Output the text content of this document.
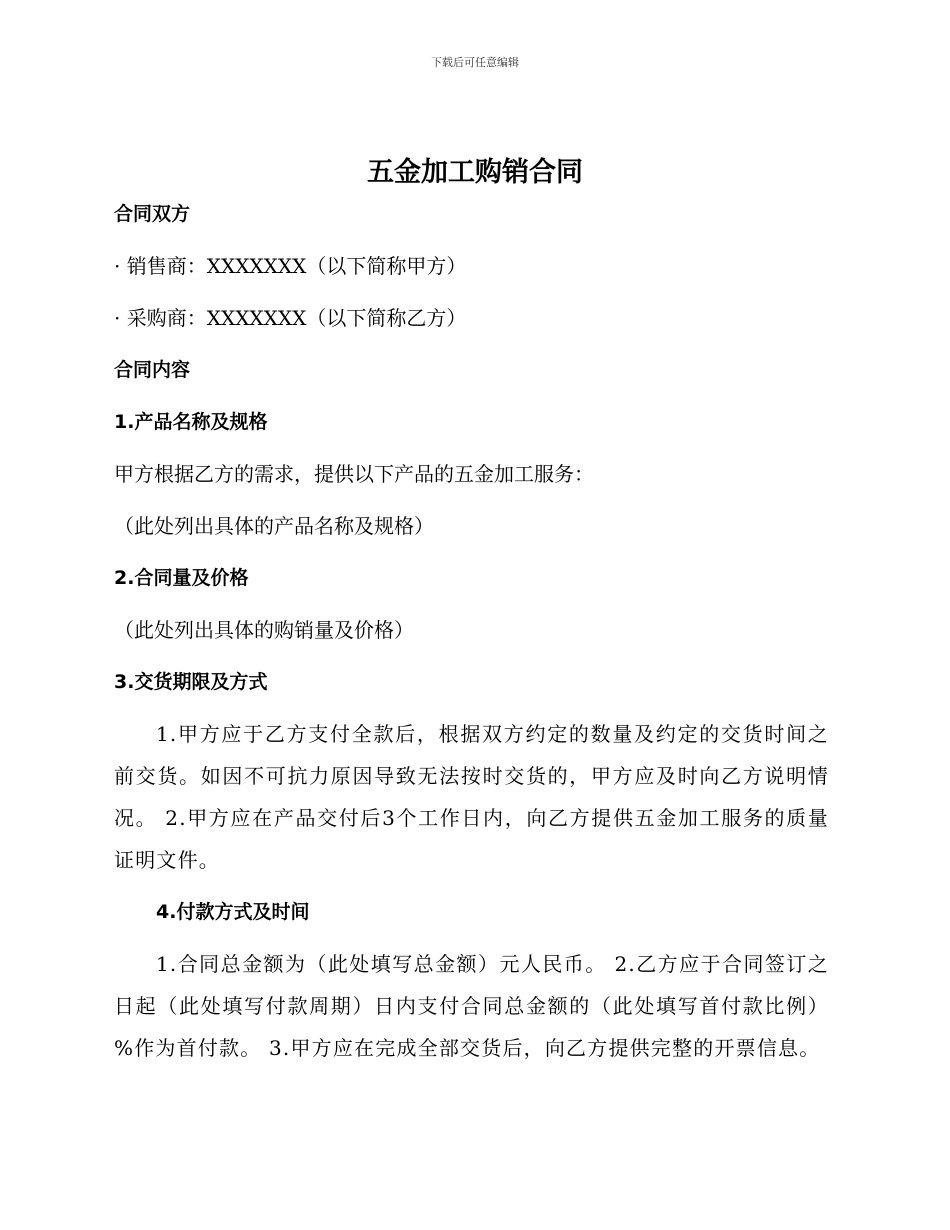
下载后可任意编辑
五金加工购销合同
合同双方
· 销售商：XXXXXXX（以下简称甲方）
· 采购商：XXXXXXX（以下简称乙方）
合同内容
1.产品名称及规格
甲方根据乙方的需求，提供以下产品的五金加工服务：
（此处列出具体的产品名称及规格）
2.合同量及价格
（此处列出具体的购销量及价格）
3.交货期限及方式
1.甲方应于乙方支付全款后，根据双方约定的数量及约定的交货时间之前交货。如因不可抗力原因导致无法按时交货的，甲方应及时向乙方说明情况。 2.甲方应在产品交付后3个工作日内，向乙方提供五金加工服务的质量证明文件。
4.付款方式及时间
1.合同总金额为（此处填写总金额）元人民币。 2.乙方应于合同签订之日起（此处填写付款周期）日内支付合同总金额的（此处填写首付款比例）%作为首付款。 3.甲方应在完成全部交货后，向乙方提供完整的开票信息。
